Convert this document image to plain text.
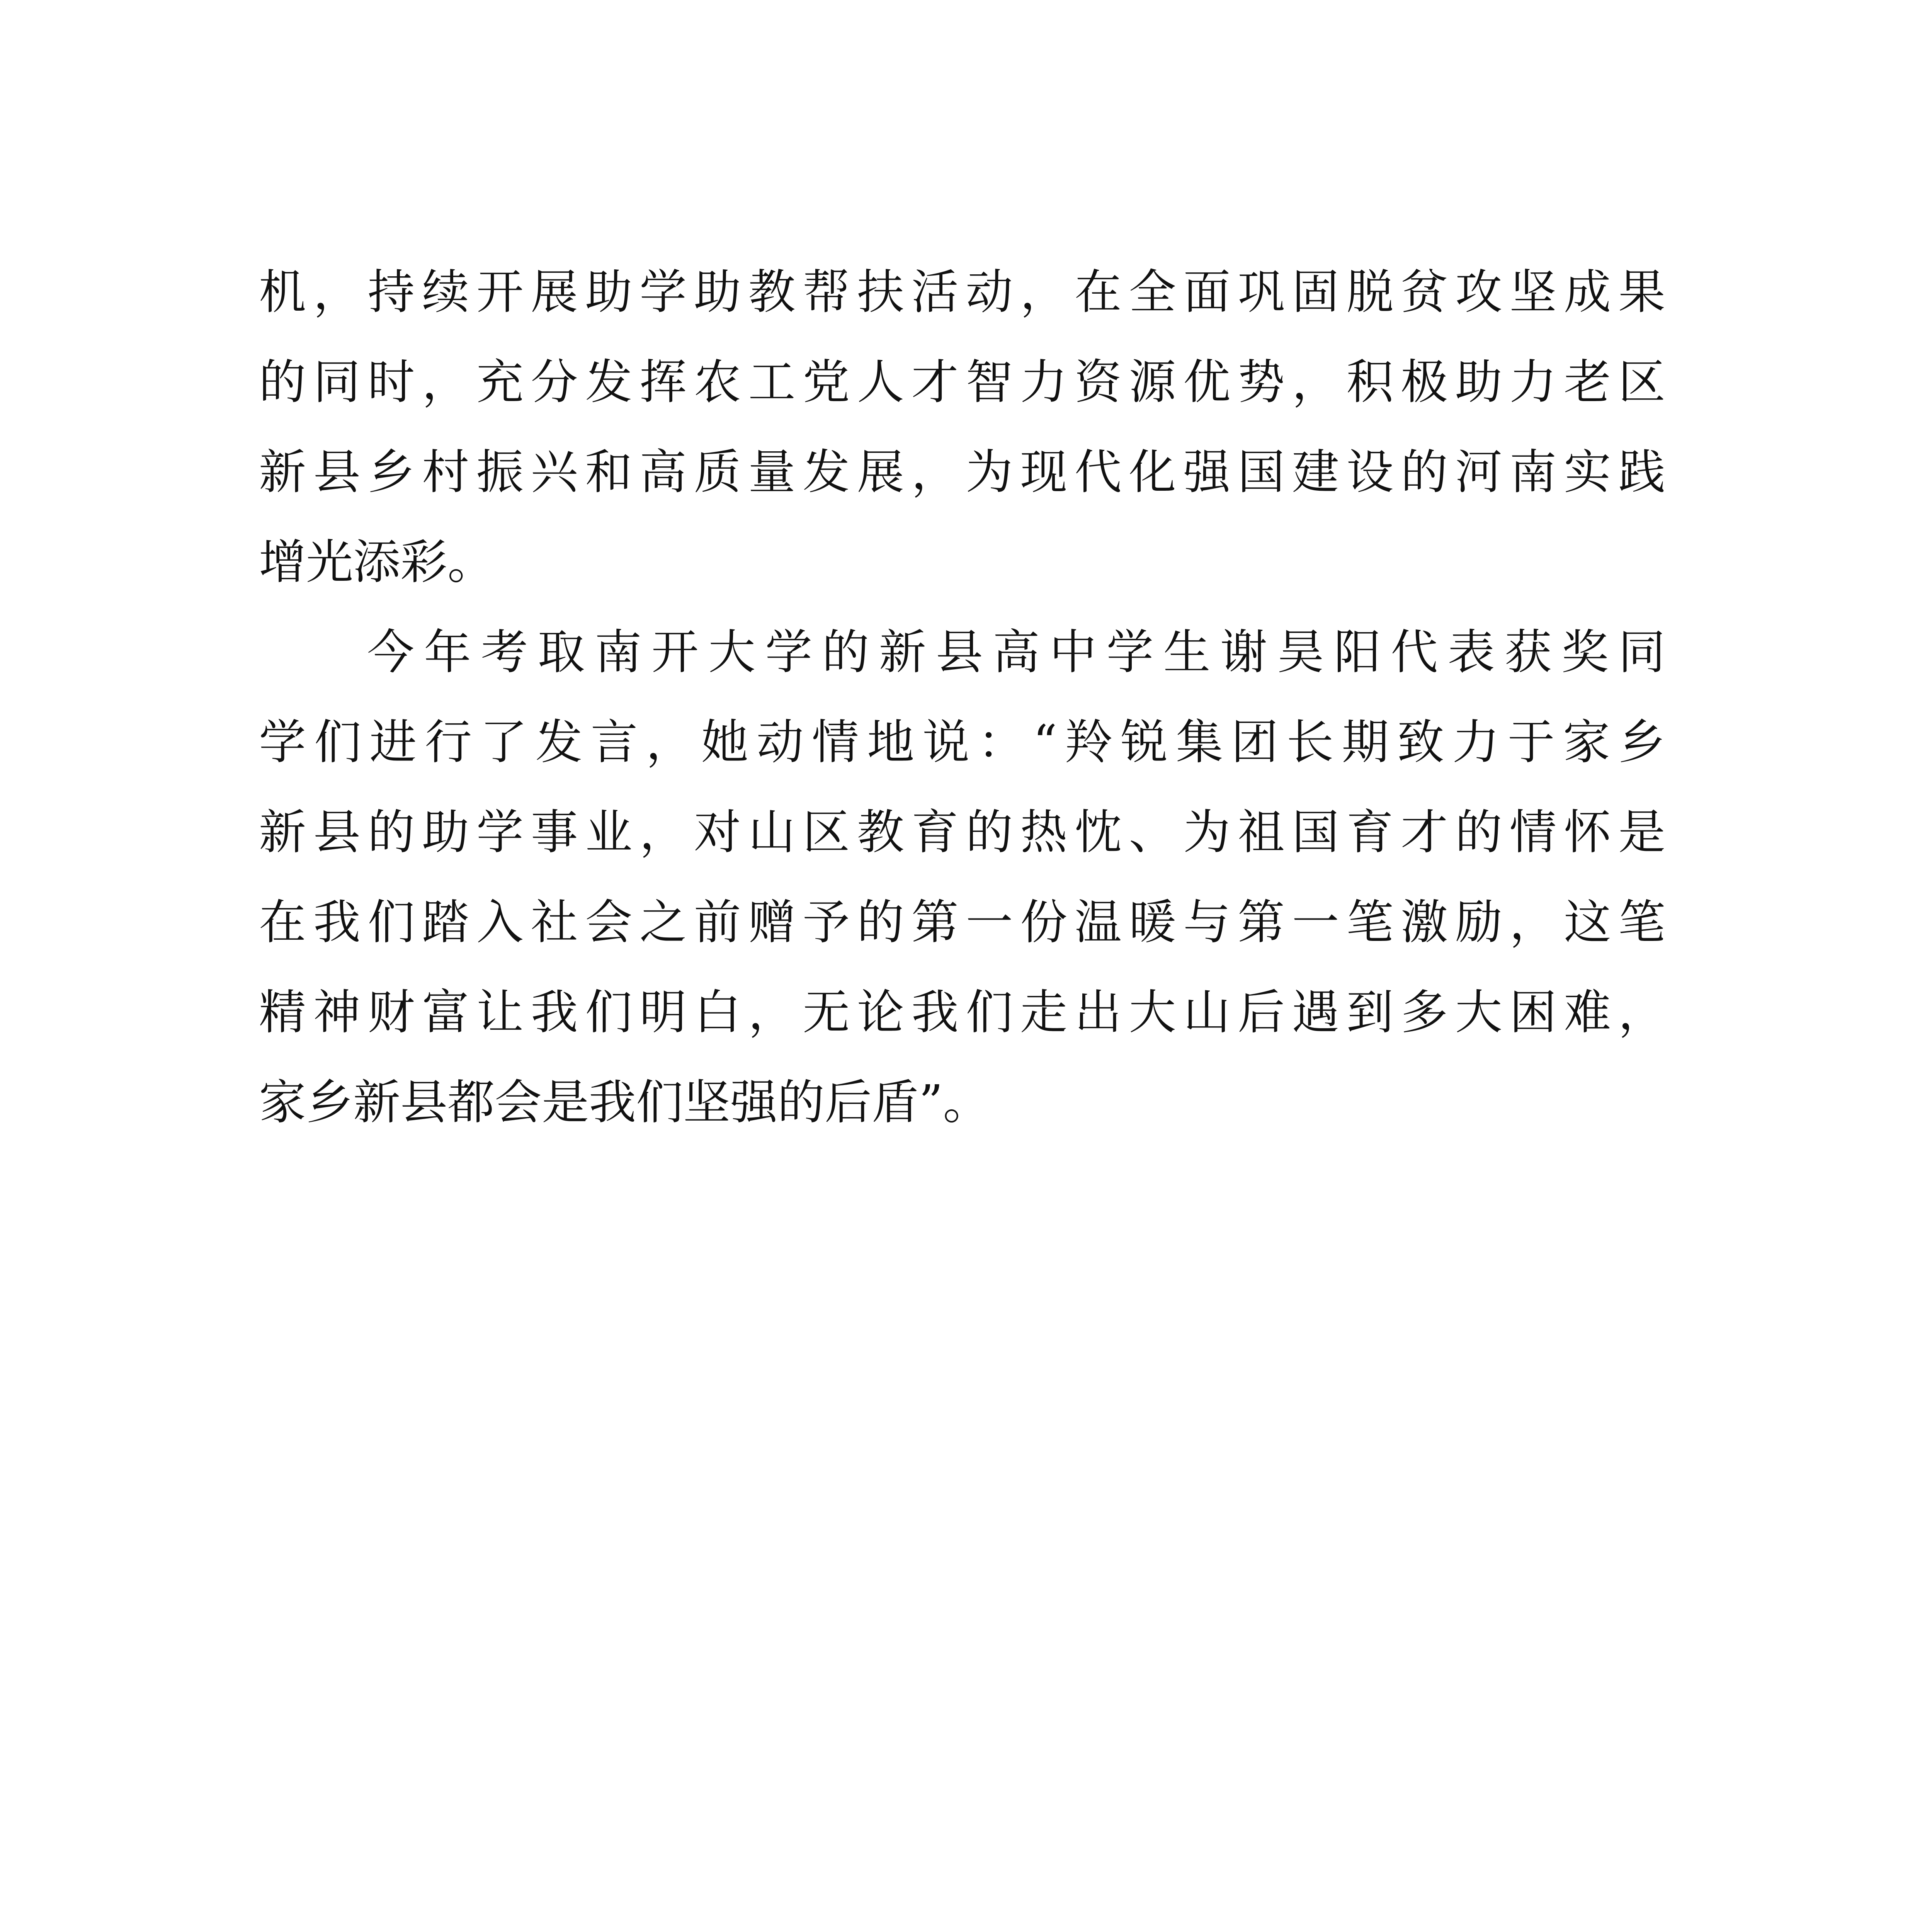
机，持续开展助学助教帮扶活动，在全面巩固脱贫攻坚成果
的同时，充分发挥农工党人才智力资源优势，积极助力老区
新县乡村振兴和高质量发展，为现代化强国建设的河南实践
增光添彩。
今年考取南开大学的新县高中学生谢昊阳代表获奖同
学们进行了发言，她动情地说：“羚锐集团长期致力于家乡
新县的助学事业，对山区教育的热忱、为祖国育才的情怀是
在我们踏入社会之前赠予的第一份温暖与第一笔激励，这笔
精神财富让我们明白，无论我们走出大山后遇到多大困难，
家乡新县都会是我们坚强的后盾”。
